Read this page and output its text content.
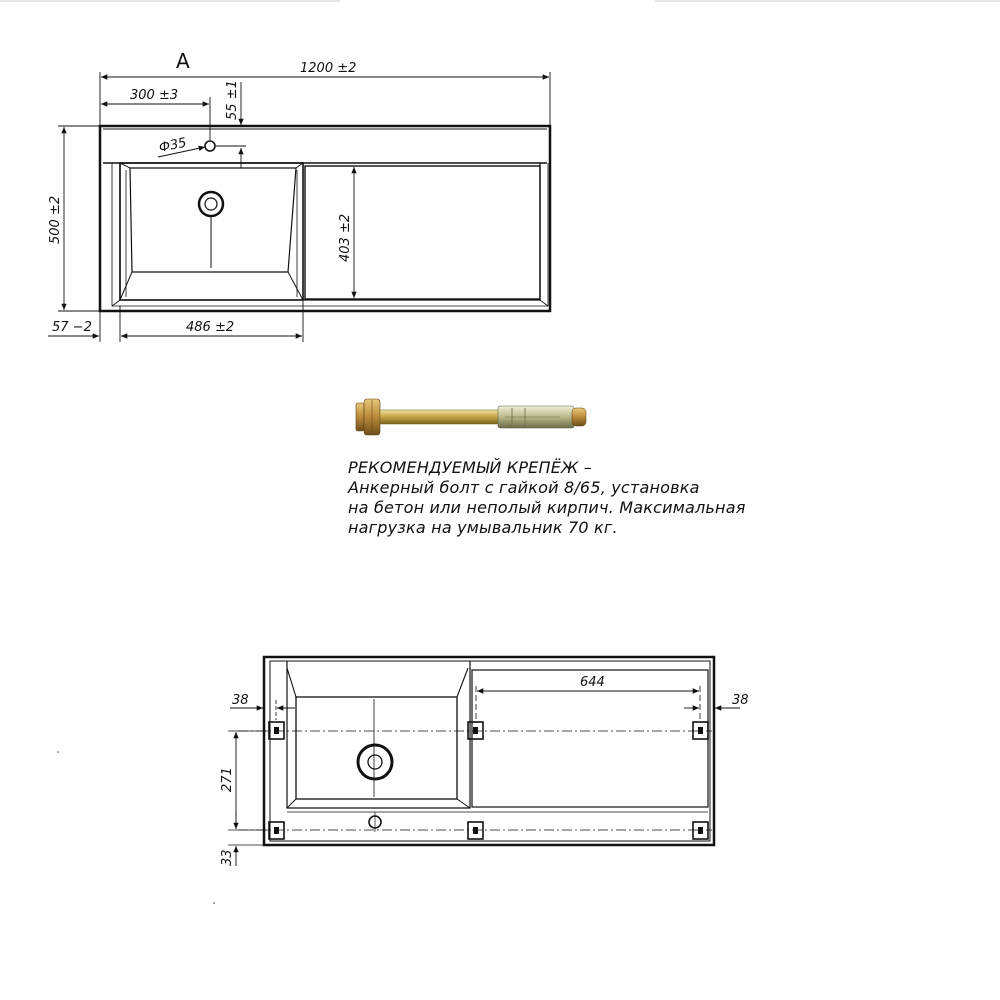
А
Ф35
1200 ±2
300 ±3	55 ±1
500 ±2	403 ±2
57 −2	486 ±2
644
38	38
271
33
РЕКОМЕНДУЕМЫЙ КРЕПЁЖ –
Анкерный болт с гайкой 8/65, установка
на бетон или неполый кирпич. Максимальная
нагрузка на умывальник 70 кг.
